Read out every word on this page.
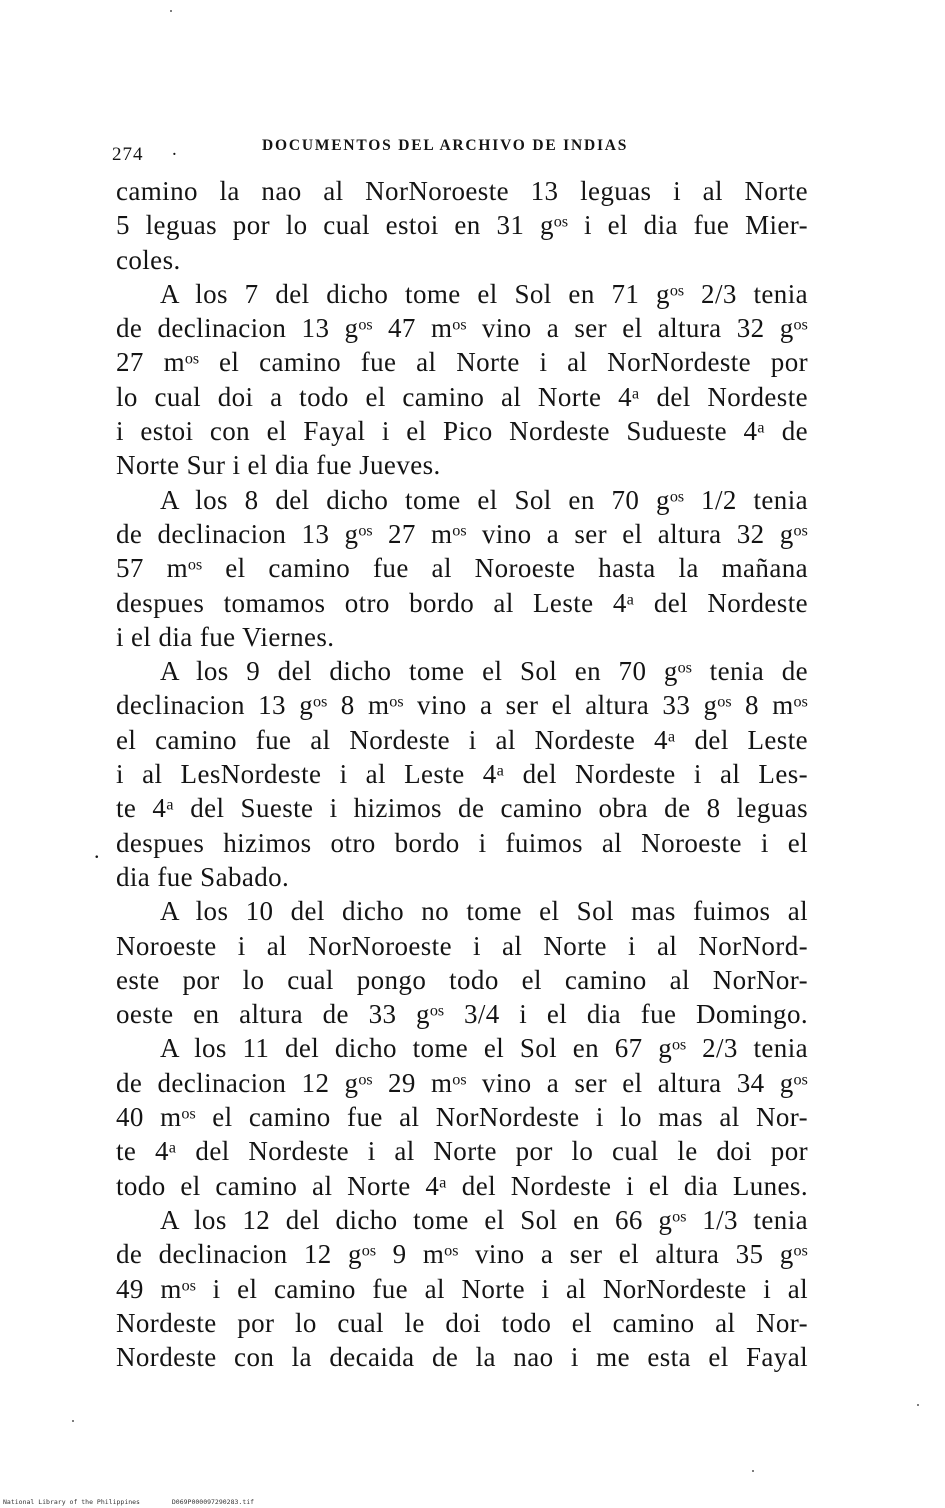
274 .	DOCUMENTOS DEL ARCHIVO DE INDIAS
camino la nao al NorNoroeste 13 leguas i al Norte
5 leguas por lo cual estoi en 31 gᵒˢ i el dia fue Mier-
coles.
A los 7 del dicho tome el Sol en 71 gᵒˢ 2/3 tenia
de declinacion 13 gᵒˢ 47 mᵒˢ vino a ser el altura 32 gᵒˢ
27 mᵒˢ el camino fue al Norte i al NorNordeste por
lo cual doi a todo el camino al Norte 4ᵃ del Nordeste
i estoi con el Fayal i el Pico Nordeste Sudueste 4ᵃ de
Norte Sur i el dia fue Jueves.
A los 8 del dicho tome el Sol en 70 gᵒˢ 1/2 tenia
de declinacion 13 gᵒˢ 27 mᵒˢ vino a ser el altura 32 gᵒˢ
57 mᵒˢ el camino fue al Noroeste hasta la mañana
despues tomamos otro bordo al Leste 4ᵃ del Nordeste
i el dia fue Viernes.
A los 9 del dicho tome el Sol en 70 gᵒˢ tenia de
declinacion 13 gᵒˢ 8 mᵒˢ vino a ser el altura 33 gᵒˢ 8 mᵒˢ
el camino fue al Nordeste i al Nordeste 4ᵃ del Leste
i al LesNordeste i al Leste 4ᵃ del Nordeste i al Les-
te 4ᵃ del Sueste i hizimos de camino obra de 8 leguas
despues hizimos otro bordo i fuimos al Noroeste i el
dia fue Sabado.
A los 10 del dicho no tome el Sol mas fuimos al
Noroeste i al NorNoroeste i al Norte i al NorNord-
este por lo cual pongo todo el camino al NorNor-
oeste en altura de 33 gᵒˢ 3/4 i el dia fue Domingo.
A los 11 del dicho tome el Sol en 67 gᵒˢ 2/3 tenia
de declinacion 12 gᵒˢ 29 mᵒˢ vino a ser el altura 34 gᵒˢ
40 mᵒˢ el camino fue al NorNordeste i lo mas al Nor-
te 4ᵃ del Nordeste i al Norte por lo cual le doi por
todo el camino al Norte 4ᵃ del Nordeste i el dia Lunes.
A los 12 del dicho tome el Sol en 66 gᵒˢ 1/3 tenia
de declinacion 12 gᵒˢ 9 mᵒˢ vino a ser el altura 35 gᵒˢ
49 mᵒˢ i el camino fue al Norte i al NorNordeste i al
Nordeste por lo cual le doi todo el camino al Nor-
Nordeste con la decaida de la nao i me esta el Fayal
.
National Library of the Philippines	D069P000097290283.tif
